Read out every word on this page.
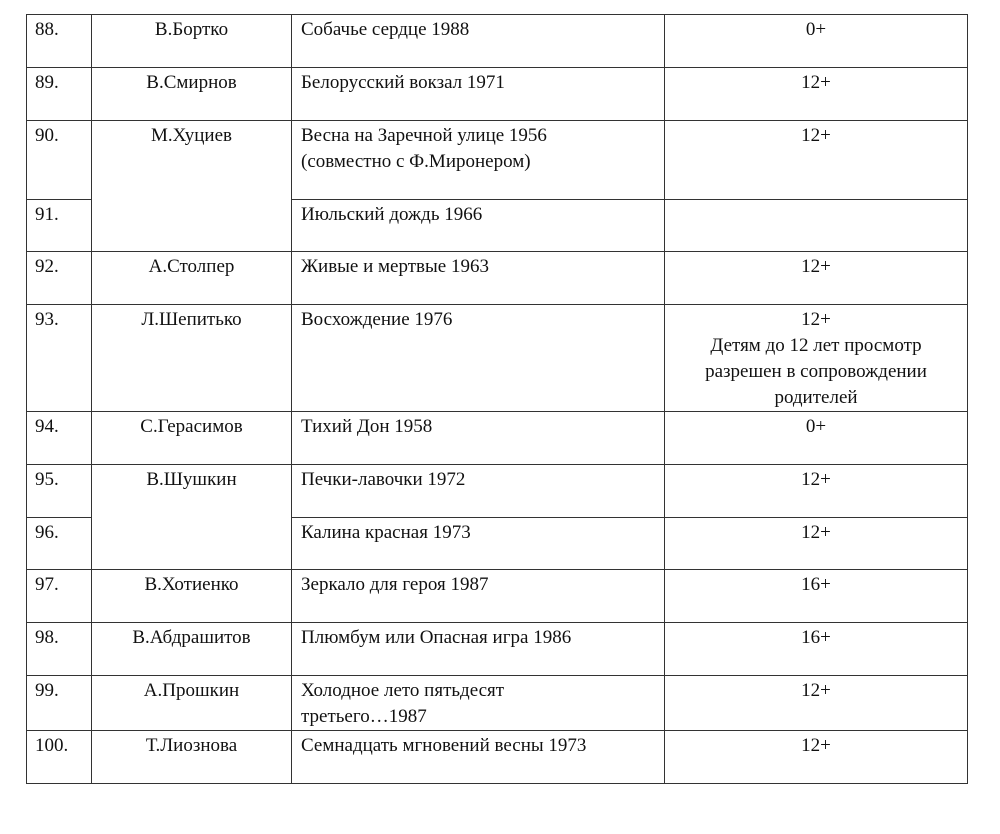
88.	В.Бортко	Собачье сердце 1988	0+
89.	В.Смирнов	Белорусский вокзал 1971	12+
90.	М.Хуциев	Весна на Заречной улице 1956
(совместно с Ф.Миронером)	12+
91.		Июльский дождь 1966	
92.	А.Столпер	Живые и мертвые 1963	12+
93.	Л.Шепитько	Восхождение 1976	12+
Детям до 12 лет просмотр
разрешен в сопровождении
родителей

94.	С.Герасимов	Тихий Дон 1958	0+
95.	В.Шушкин	Печки-лавочки 1972	12+
96.		Калина красная 1973	12+
97.	В.Хотиенко	Зеркало для героя 1987	16+
98.	В.Абдрашитов	Плюмбум или Опасная игра 1986	16+
99.	А.Прошкин	Холодное лето пятьдесят
третьего…1987	12+
100.	Т.Лиознова	Семнадцать мгновений весны 1973	12+
